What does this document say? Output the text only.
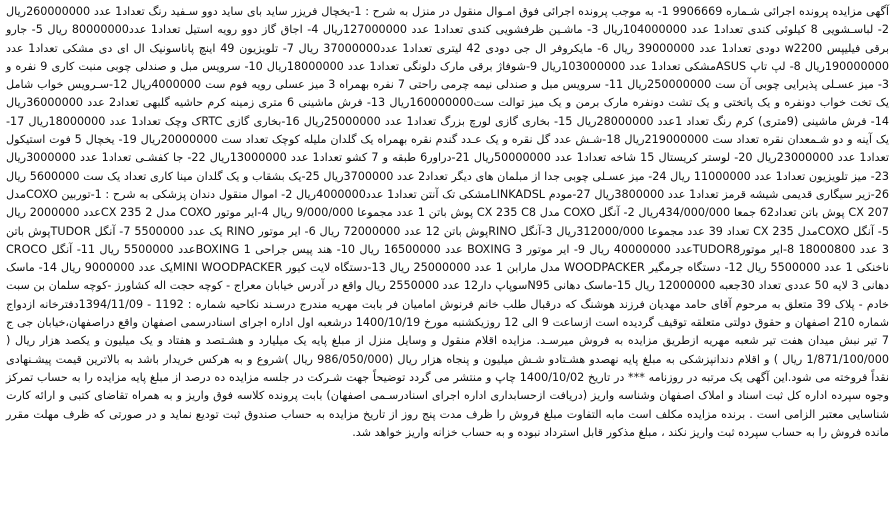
آگهی مزایده پرونده اجرائی شـماره 9906669 1- به موجب پرونده اجرائی فوق امـوال منقول در منزل به شرح : 1-یخچال فریزر ساید بای ساید دوو سـفید رنگ تعداد1 عدد 260000000ریال 2- لباسـشویی 8 کیلوئی کندی تعداد1 عدد 104000000ریال 3- ماشـین ظرفشویی کندی تعداد1 عدد 127000000ریال 4- اجاق گاز دوو رویه استیل تعداد1 عدد80000000 ریال 5- جارو برقی فیلیپس w2200 دودی تعداد1 عدد 39000000 ریال 6- مایکروفر ال جی دودی 42 لیتری تعداد1 عدد37000000 ریال 7- تلویزیون 49 اینچ پاناسونیک ال ای دی مشکی تعداد1 عدد 190000000ریال 8- لپ تاپ ASUSمشکی تعداد1 عدد 103000000ریال 9-شوفاژ برقی مارک دلونگی تعداد1 عدد 18000000ریال 10- سرویس مبل و صندلی چوبی منبت کاری 9 نفره و 3- میز عسـلی پذیرایی چوبی آن ست 250000000ریال 11- سرویس مبل و صندلی نیمه چرمی راحتی 7 نفره بهمراه 3 میز عسلی رویه فوم ست 4000000ریال 12-سـرویس خواب شامل یک تخت خواب دونفره و یک پاتختی و یک تشت دونفره مارک برمن و یک میز توالت ست160000000ریال 13- فرش ماشینی 6 متری زمینه کرم حاشیه گلبهی تعداد2 عدد 36000000ریال 14- فرش ماشینی (9متری) کرم رنگ تعداد 1عدد 28000000ریال 15- بخاری گازی لورچ بزرگ تعداد1 عدد 25000000ریال 16-بخاری گازی RTCک وچک تعداد1 عدد 18000000ریال 17- یک آینه و دو شـمعدان نقره تعداد ست 219000000ریال 18-شـش عدد گل نقره و یک عـدد گندم نقره بهمراه یک گلدان مليله کوچک تعداد ست 20000000ریال 19- یخچال 5 فوت استیکول تعداد1 عدد 23000000ریال 20- لوستر کریستال 15 شاخه تعداد1 عدد 50000000ریال 21-دراور6 طبقه و 7 کشو تعداد1 عدد 13000000ریال 22- جا کفشـی تعداد1 عدد 3000000ریال 23- میز تلویزیون تعداد1 عدد 11000000 ریال 24- میز عسـلی چوبی جدا از مبلمان های دیگر تعداد2 عدد 3700000ریال 25-یک بشقاب و یک گلدان مینا کاری تعداد یک ست 5600000 ریال 26-زیر سیگاری قدیمی شیشه قرمز تعداد1 عدد 3800000ریال 27-مودم LINKADSLمشکی تک آنتن تعداد1 عدد4000000ریال 2- اموال منقول دندان پزشکی به شرح : 1-توربین COXOمدل CX 207 پوش باتن تعداد62 جمعا 434/000/000ریال 2- آنگل COXO مدل CX 235 C8 پوش باتن 1 عدد مجموعا 9/000/000 ریال 4-ایر موتور COXO مدل CX 235 2عدد 2000000 ریال 5- آنگل COXOمدل CX 235 تعداد 39 عدد مجموعا 312000/000ریال 3-آنگل RINOپوش باتن 12 عدد 72000000 ریال 6- ایر موتور RINO یک عدد 5500000 7- آنگل TUDORپوش باتن 3 عدد 18000800 8-ایر موتورTUDOR8عدد 40000000 ریال 9- ایر موتور BOXING 3 عدد 16500000 ریال 10- هند پیس جراحی 1 BOXINGعدد 5500000 ریال 11- آنگل CROCO ناخنکی 1 عدد 5500000 ریال 12- دستگاه جرمگیر WOODPACKER مدل مارابن 1 عدد 25000000 ریال 13-دستگاه لایت کیور MINI WOODPACKERیک عدد 9000000 ریال 14- ماسک دهانی 3 لایه 50 عددی تعداد 30جعبه 12000000 ریال 15-ماسک دهانی N95سوپاپ دار12 عدد 2550000 ریال واقع در آدرس خیابان معراج - کوچه حجت اله کشاورز -کوچه سلمان بن سبت خادم - پلاک 39 متعلق به مرحوم آقای حامد مهدیان فرزند هوشنگ که درقبال طلب خانم فرنوش امامیان فر بابت مهریه مندرج درسـند نکاحیه شماره : 1192 - 1394/11/09دفترخانه ازدواج شماره 210 اصفهان و حقوق دولتی متعلقه توقیف گردیده است ازساعت 9 الی 12 روزیکشنبه مورخ 1400/10/19 درشعبه اول اداره اجرای اسنادرسمی اصفهان واقع دراصفهان،خیابان جی ج 7 تیر نبش میدان هفت تیر شعبه مهریه ازطریق مزایده به فروش میرسـد. مزایده اقلام منقول و وسایل منزل از مبلغ پایه یک میلیارد و هشـتصد و هفتاد و یک میلیون و یکصد هزار ریال ( 1/871/100/000 ریال ) و اقلام دندانپزشکی به مبلغ پایه نهصدو هشـتادو شـش میلیون و پنجاه هزار ریال (986/050/000 ریال )شروع و به هرکس خریدار باشد به بالاترین قیمت پیشـنهادی نقداً فروخته می شود.این آگهی یک مرتبه در روزنامه *** در تاریخ 1400/10/02 چاپ و منتشر می گردد توضیحاً جهت شـرکت در جلسه مزایده ده درصد از مبلغ پایه مزایده را به حساب تمرکز وجوه سپرده اداره کل ثبت اسناد و املاک اصفهان وشناسه واریز (دریافت ازحسابداری اداره اجرای اسنادرسـمی اصفهان) بابت پرونده کلاسه فوق واریز و به همراه تقاضای کتبی و ارائه کارت شناسایی معتبر الزامی است . برنده مزایده مکلف است مابه التفاوت مبلغ فروش را ظرف مدت پنج روز از تاریخ مزایده به حساب صندوق ثبت تودیع نماید و در صورتی که ظرف مهلت مقرر مانده فروش را به حساب سپرده ثبت واریز نکند ، مبلغ مذکور قابل استرداد نبوده و به حساب خزانه واریز خواهد شد.
